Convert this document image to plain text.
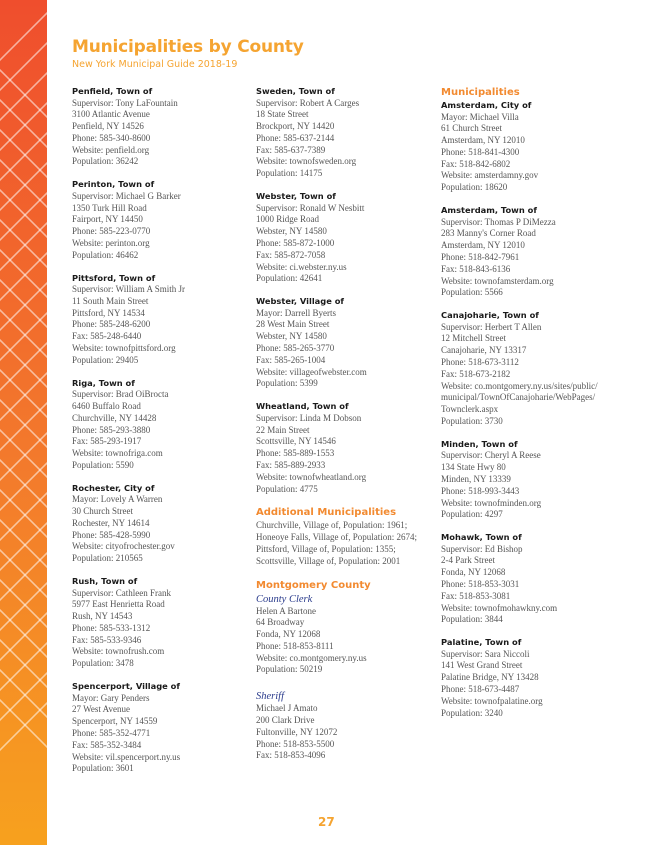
Municipalities by County
New York Municipal Guide 2018-19
Penfield, Town of
Supervisor: Tony LaFountain
3100 Atlantic Avenue
Penfield, NY 14526
Phone: 585-340-8600
Website: penfield.org
Population: 36242
Perinton, Town of
Supervisor: Michael G Barker
1350 Turk Hill Road
Fairport, NY 14450
Phone: 585-223-0770
Website: perinton.org
Population: 46462
Pittsford, Town of
Supervisor: William A Smith Jr
11 South Main Street
Pittsford, NY 14534
Phone: 585-248-6200
Fax: 585-248-6440
Website: townofpittsford.org
Population: 29405
Riga, Town of
Supervisor: Brad OiBrocta
6460 Buffalo Road
Churchville, NY 14428
Phone: 585-293-3880
Fax: 585-293-1917
Website: townofriga.com
Population: 5590
Rochester, City of
Mayor: Lovely A Warren
30 Church Street
Rochester, NY 14614
Phone: 585-428-5990
Website: cityofrochester.gov
Population: 210565
Rush, Town of
Supervisor: Cathleen Frank
5977 East Henrietta Road
Rush, NY 14543
Phone: 585-533-1312
Fax: 585-533-9346
Website: townofrush.com
Population: 3478
Spencerport, Village of
Mayor: Gary Penders
27 West Avenue
Spencerport, NY 14559
Phone: 585-352-4771
Fax: 585-352-3484
Website: vil.spencerport.ny.us
Population: 3601
Sweden, Town of
Supervisor: Robert A Carges
18 State Street
Brockport, NY 14420
Phone: 585-637-2144
Fax: 585-637-7389
Website: townofsweden.org
Population: 14175
Webster, Town of
Supervisor: Ronald W Nesbitt
1000 Ridge Road
Webster, NY 14580
Phone: 585-872-1000
Fax: 585-872-7058
Website: ci.webster.ny.us
Population: 42641
Webster, Village of
Mayor: Darrell Byerts
28 West Main Street
Webster, NY 14580
Phone: 585-265-3770
Fax: 585-265-1004
Website: villageofwebster.com
Population: 5399
Wheatland, Town of
Supervisor: Linda M Dobson
22 Main Street
Scottsville, NY 14546
Phone: 585-889-1553
Fax: 585-889-2933
Website: townofwheatland.org
Population: 4775
Additional Municipalities
Churchville, Village of, Population: 1961; Honeoye Falls, Village of, Population: 2674; Pittsford, Village of, Population: 1355; Scottsville, Village of, Population: 2001
Montgomery County
County Clerk
Helen A Bartone
64 Broadway
Fonda, NY 12068
Phone: 518-853-8111
Website: co.montgomery.ny.us
Population: 50219
Sheriff
Michael J Amato
200 Clark Drive
Fultonville, NY 12072
Phone: 518-853-5500
Fax: 518-853-4096
Municipalities
Amsterdam, City of
Mayor: Michael Villa
61 Church Street
Amsterdam, NY 12010
Phone: 518-841-4300
Fax: 518-842-6802
Website: amsterdamny.gov
Population: 18620
Amsterdam, Town of
Supervisor: Thomas P DiMezza
283 Manny's Corner Road
Amsterdam, NY 12010
Phone: 518-842-7961
Fax: 518-843-6136
Website: townofamsterdam.org
Population: 5566
Canajoharie, Town of
Supervisor: Herbert T Allen
12 Mitchell Street
Canajoharie, NY 13317
Phone: 518-673-3112
Fax: 518-673-2182
Website: co.montgomery.ny.us/sites/public/
municipal/TownOfCanajoharie/WebPages/
Townclerk.aspx
Population: 3730
Minden, Town of
Supervisor: Cheryl A Reese
134 State Hwy 80
Minden, NY 13339
Phone: 518-993-3443
Website: townofminden.org
Population: 4297
Mohawk, Town of
Supervisor: Ed Bishop
2-4 Park Street
Fonda, NY 12068
Phone: 518-853-3031
Fax: 518-853-3081
Website: townofmohawkny.com
Population: 3844
Palatine, Town of
Supervisor: Sara Niccoli
141 West Grand Street
Palatine Bridge, NY 13428
Phone: 518-673-4487
Website: townofpalatine.org
Population: 3240
27
